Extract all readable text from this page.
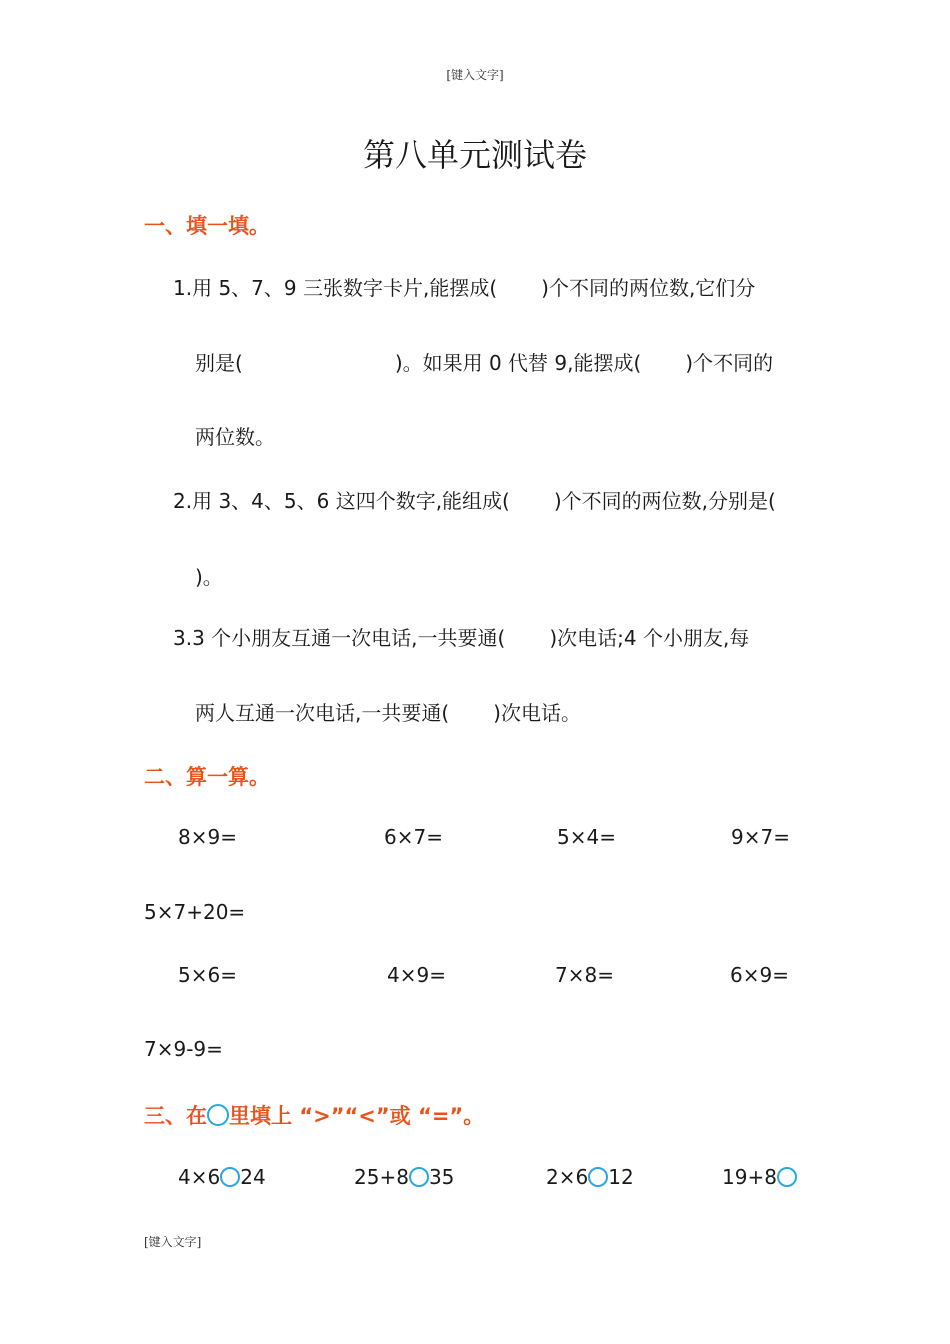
[键入文字]
第八单元测试卷
一、填一填。
1.用 5、7、9 三张数字卡片,能摆成( )个不同的两位数,它们分
别是(	)。如果用 0 代替 9,能摆成( )个不同的
两位数。
2.用 3、4、5、6 这四个数字,能组成( )个不同的两位数,分别是(
)。
3.3 个小朋友互通一次电话,一共要通( )次电话;4 个小朋友,每
两人互通一次电话,一共要通( )次电话。
二、算一算。
8×9=	6×7=	5×4=	9×7=
5×7+20=
5×6=	4×9=	7×8=	6×9=
7×9-9=
三、在 里填上 “>”“<”或 “=”。
4×6 24	25+8 35	2×6 12	19+8
[键入文字]
